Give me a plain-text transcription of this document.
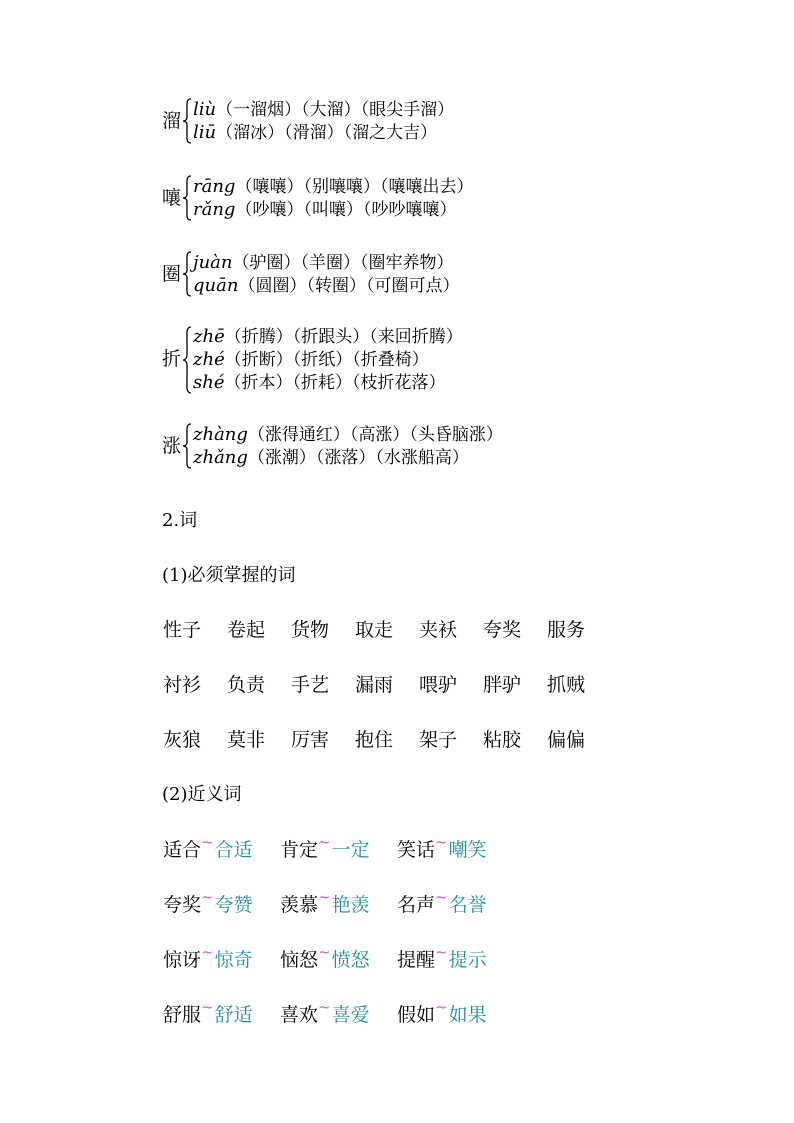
溜 liù（一溜烟）（大溜）（眼尖手溜）
liū（溜冰）（滑溜）（溜之大吉）
嚷 rāng（嚷嚷）（别嚷嚷）（嚷嚷出去）
rǎng（吵嚷）（叫嚷）（吵吵嚷嚷）
圈 juàn（驴圈）（羊圈）（圈牢养物）
quān（圆圈）（转圈）（可圈可点）
折
zhē（折腾）（折跟头）（来回折腾）
zhé（折断）（折纸）（折叠椅）
shé（折本）（折耗）（枝折花落）
涨 zhàng（涨得通红）（高涨）（头昏脑涨）
zhǎng（涨潮）（涨落）（水涨船高）
2.词
(1)必须掌握的词
性子 卷起 货物 取走 夹袄 夸奖 服务
衬衫 负责 手艺 漏雨 喂驴 胖驴 抓贼
灰狼 莫非 厉害 抱住 架子 粘胶 偏偏
(2)近义词
适合~合适 肯定~一定 笑话~嘲笑
夸奖~夸赞 羡慕~艳羡 名声~名誉
惊讶~惊奇 恼怒~愤怒 提醒~提示
舒服~舒适 喜欢~喜爱 假如~如果
